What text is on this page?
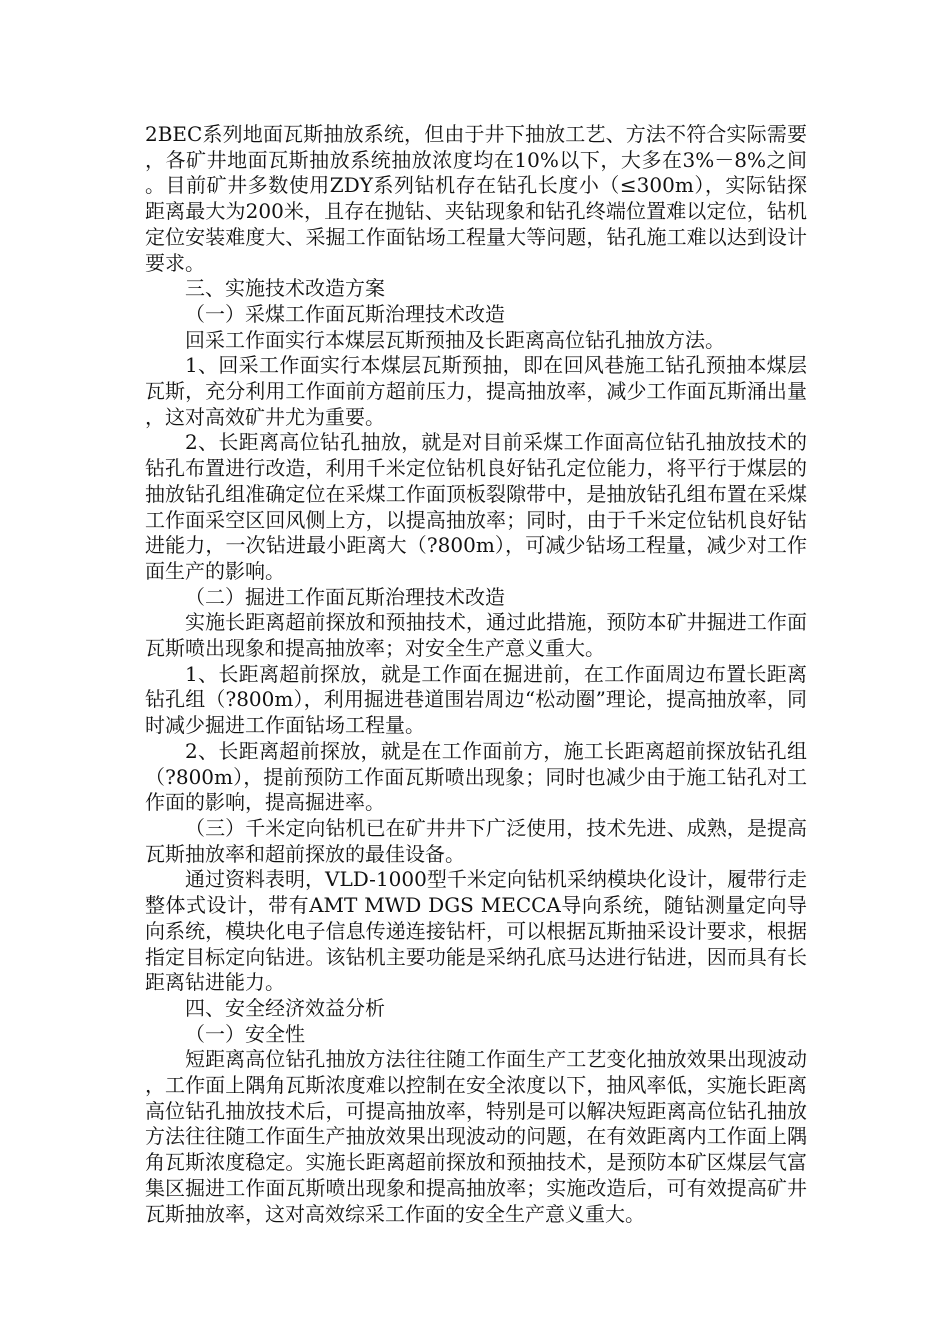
2BEC系列地面瓦斯抽放系统，但由于井下抽放工艺、方法不符合实际需要，各矿井地面瓦斯抽放系统抽放浓度均在10%以下，大多在3%－8%之间。目前矿井多数使用ZDY系列钻机存在钻孔长度小（≤300m），实际钻探距离最大为200米，且存在抛钻、夹钻现象和钻孔终端位置难以定位，钻机定位安装难度大、采掘工作面钻场工程量大等问题，钻孔施工难以达到设计要求。

三、实施技术改造方案

（一）采煤工作面瓦斯治理技术改造

回采工作面实行本煤层瓦斯预抽及长距离高位钻孔抽放方法。

1、回采工作面实行本煤层瓦斯预抽，即在回风巷施工钻孔预抽本煤层瓦斯，充分利用工作面前方超前压力，提高抽放率，减少工作面瓦斯涌出量，这对高效矿井尤为重要。

2、长距离高位钻孔抽放，就是对目前采煤工作面高位钻孔抽放技术的钻孔布置进行改造，利用千米定位钻机良好钻孔定位能力，将平行于煤层的抽放钻孔组准确定位在采煤工作面顶板裂隙带中，是抽放钻孔组布置在采煤工作面采空区回风侧上方，以提高抽放率；同时，由于千米定位钻机良好钻进能力，一次钻进最小距离大（?800m），可减少钻场工程量，减少对工作面生产的影响。

（二）掘进工作面瓦斯治理技术改造

实施长距离超前探放和预抽技术，通过此措施，预防本矿井掘进工作面瓦斯喷出现象和提高抽放率；对安全生产意义重大。

1、长距离超前探放，就是工作面在掘进前，在工作面周边布置长距离钻孔组（?800m），利用掘进巷道围岩周边“松动圈”理论，提高抽放率，同时减少掘进工作面钻场工程量。

2、长距离超前探放，就是在工作面前方，施工长距离超前探放钻孔组（?800m），提前预防工作面瓦斯喷出现象；同时也减少由于施工钻孔对工作面的影响，提高掘进率。

（三）千米定向钻机已在矿井井下广泛使用，技术先进、成熟，是提高瓦斯抽放率和超前探放的最佳设备。

通过资料表明，VLD-1000型千米定向钻机采纳模块化设计，履带行走整体式设计，带有AMT MWD DGS MECCA导向系统，随钻测量定向导向系统，模块化电子信息传递连接钻杆，可以根据瓦斯抽采设计要求，根据指定目标定向钻进。该钻机主要功能是采纳孔底马达进行钻进，因而具有长距离钻进能力。

四、安全经济效益分析

（一）安全性

短距离高位钻孔抽放方法往往随工作面生产工艺变化抽放效果出现波动，工作面上隅角瓦斯浓度难以控制在安全浓度以下，抽风率低，实施长距离高位钻孔抽放技术后，可提高抽放率，特别是可以解决短距离高位钻孔抽放方法往往随工作面生产抽放效果出现波动的问题，在有效距离内工作面上隅角瓦斯浓度稳定。实施长距离超前探放和预抽技术，是预防本矿区煤层气富集区掘进工作面瓦斯喷出现象和提高抽放率；实施改造后，可有效提高矿井瓦斯抽放率，这对高效综采工作面的安全生产意义重大。
